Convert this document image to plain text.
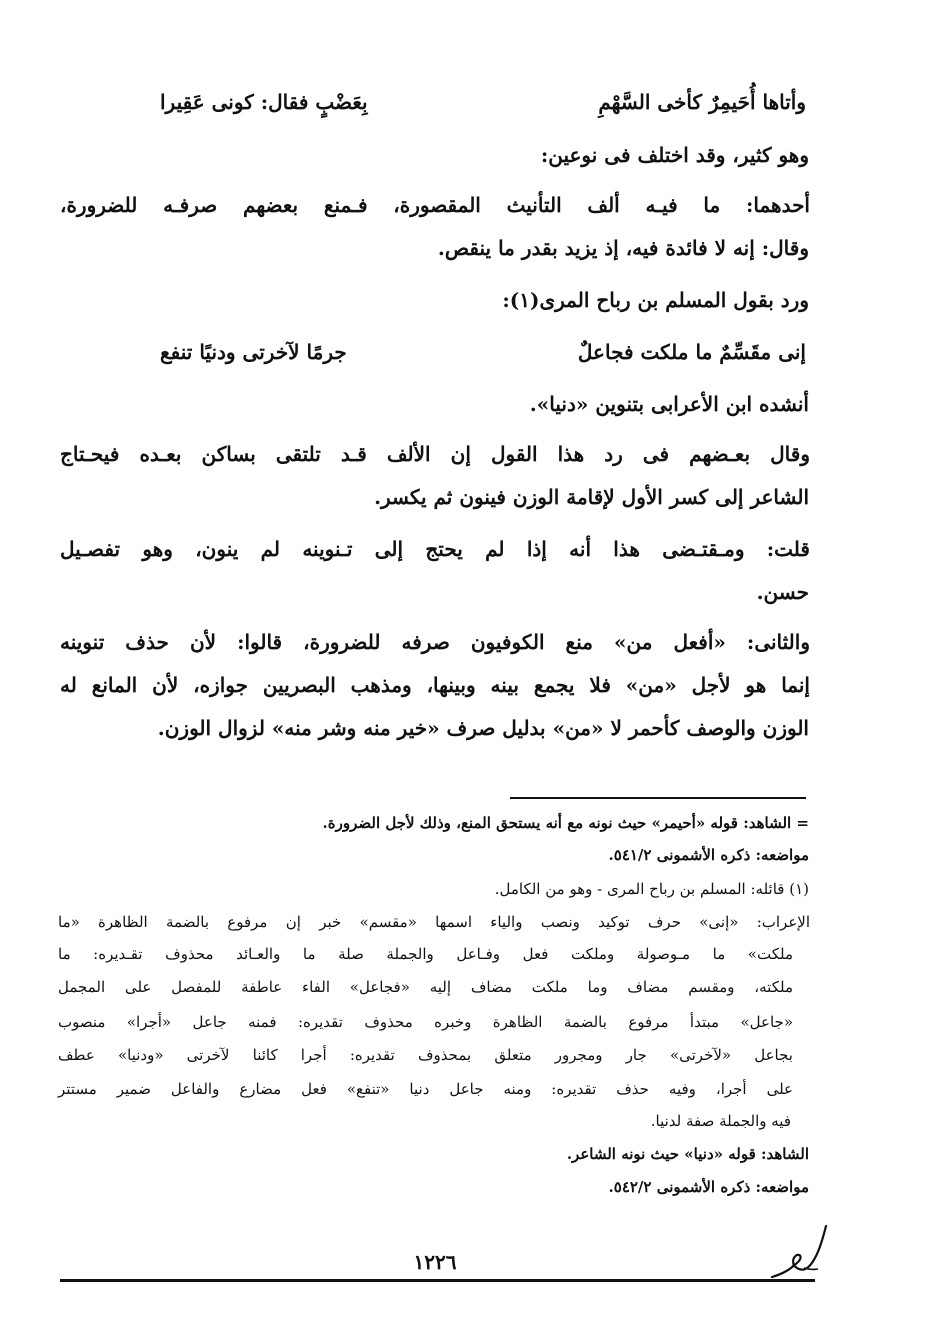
وأتاها أُحَيمِرٌ كأخى السَّهْمِ
بِعَضْبٍ فقال: كونى عَقِيرا
وهو كثير، وقد اختلف فى نوعين:
أحدهما: ما فيـه ألف التأنيث المقصورة، فـمنع بعضهم صرفـه للضرورة،
وقال: إنه لا فائدة فيه، إذ يزيد بقدر ما ينقص.
ورد بقول المسلم بن رباح المرى(١):
إنى مقَسِّمٌ ما ملكت فجاعلٌ
جرمًا لآخرتى ودنيًا تنفع
أنشده ابن الأعرابى بتنوين «دنيا».
وقال بعـضهم فى رد هذا القول إن الألف قـد تلتقى بساكن بعـده فيحـتاج
الشاعر إلى كسر الأول لإقامة الوزن فينون ثم يكسر.
قلت: ومـقتـضى هذا أنه إذا لم يحتج إلى تـنوينه لم ينون، وهو تفصـيل
حسن.
والثانى: «أفعل من» منع الكوفيون صرفه للضرورة، قالوا: لأن حذف تنوينه
إنما هو لأجل «من» فلا يجمع بينه وبينها، ومذهب البصريين جوازه، لأن المانع له
الوزن والوصف كأحمر لا «من» بدليل صرف «خير منه وشر منه» لزوال الوزن.
= الشاهد: قوله «أحيمر» حيث نونه مع أنه يستحق المنع، وذلك لأجل الضرورة.
مواضعه: ذكره الأشمونى ٥٤١/٢.
(١) قائله: المسلم بن رباح المرى - وهو من الكامل.
الإعراب: «إنى» حرف توكيد ونصب والياء اسمها «مقسم» خبر إن مرفوع بالضمة الظاهرة «ما
ملكت» ما مـوصولة وملكت فعل وفـاعل والجملة صلة ما والعـائد محذوف تقـديره: ما
ملكته، ومقسم مضاف وما ملكت مضاف إليه «فجاعل» الفاء عاطفة للمفصل على المجمل
«جاعل» مبتدأ مرفوع بالضمة الظاهرة وخبره محذوف تقديره: فمنه جاعل «أجرا» منصوب
بجاعل «لآخرتى» جار ومجرور متعلق بمحذوف تقديره: أجرا كائنا لآخرتى «ودنيا» عطف
على أجرا، وفيه حذف تقديره: ومنه جاعل دنيا «تنفع» فعل مضارع والفاعل ضمير مستتر
فيه والجملة صفة لدنيا.
الشاهد: قوله «دنيا» حيث نونه الشاعر.
مواضعه: ذكره الأشمونى ٥٤٢/٢.
١٢٢٦
